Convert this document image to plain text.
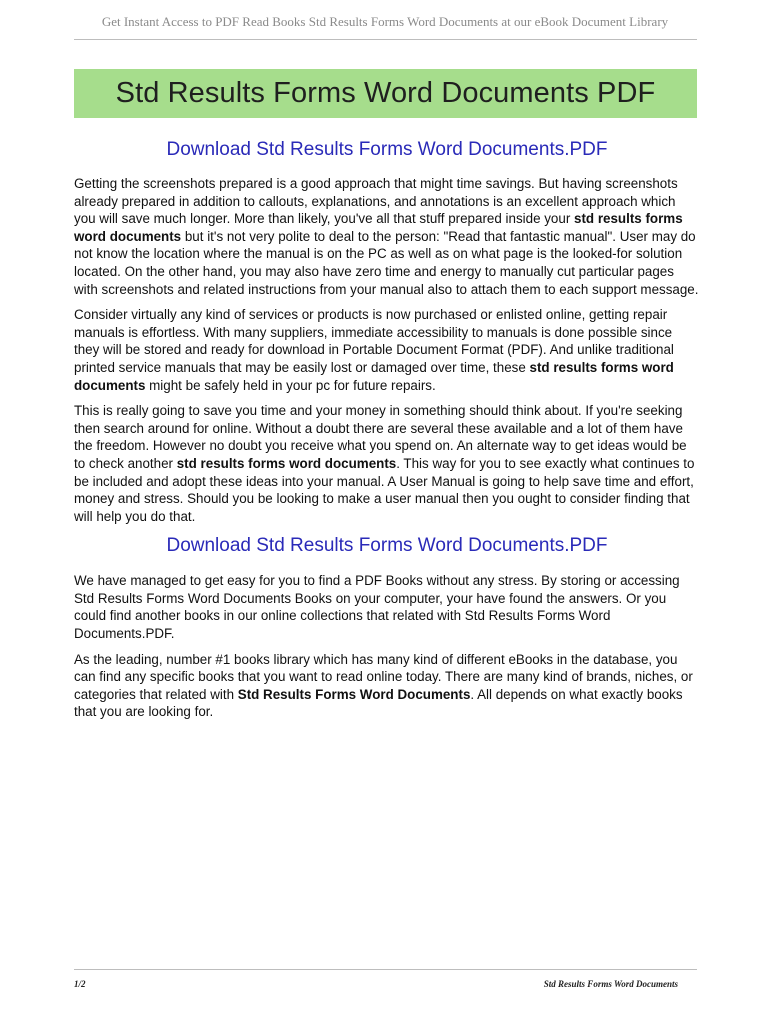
Get Instant Access to PDF Read Books Std Results Forms Word Documents at our eBook Document Library
Std Results Forms Word Documents PDF
Download Std Results Forms Word Documents.PDF

Getting the screenshots prepared is a good approach that might time savings. But having screenshots already prepared in addition to callouts, explanations, and annotations is an excellent approach which you will save much longer. More than likely, you've all that stuff prepared inside your std results forms word documents but it's not very polite to deal to the person: "Read that fantastic manual". User may do not know the location where the manual is on the PC as well as on what page is the looked-for solution located. On the other hand, you may also have zero time and energy to manually cut particular pages with screenshots and related instructions from your manual also to attach them to each support message.

Consider virtually any kind of services or products is now purchased or enlisted online, getting repair manuals is effortless. With many suppliers, immediate accessibility to manuals is done possible since they will be stored and ready for download in Portable Document Format (PDF). And unlike traditional printed service manuals that may be easily lost or damaged over time, these std results forms word documents might be safely held in your pc for future repairs.

This is really going to save you time and your money in something should think about. If you're seeking then search around for online. Without a doubt there are several these available and a lot of them have the freedom. However no doubt you receive what you spend on. An alternate way to get ideas would be to check another std results forms word documents. This way for you to see exactly what continues to be included and adopt these ideas into your manual. A User Manual is going to help save time and effort, money and stress. Should you be looking to make a user manual then you ought to consider finding that will help you do that.

Download Std Results Forms Word Documents.PDF

We have managed to get easy for you to find a PDF Books without any stress. By storing or accessing Std Results Forms Word Documents Books on your computer, your have found the answers. Or you could find another books in our online collections that related with Std Results Forms Word Documents.PDF.

As the leading, number #1 books library which has many kind of different eBooks in the database, you can find any specific books that you want to read online today. There are many kind of brands, niches, or categories that related with Std Results Forms Word Documents. All depends on what exactly books that you are looking for.

1/2	Std Results Forms Word Documents
